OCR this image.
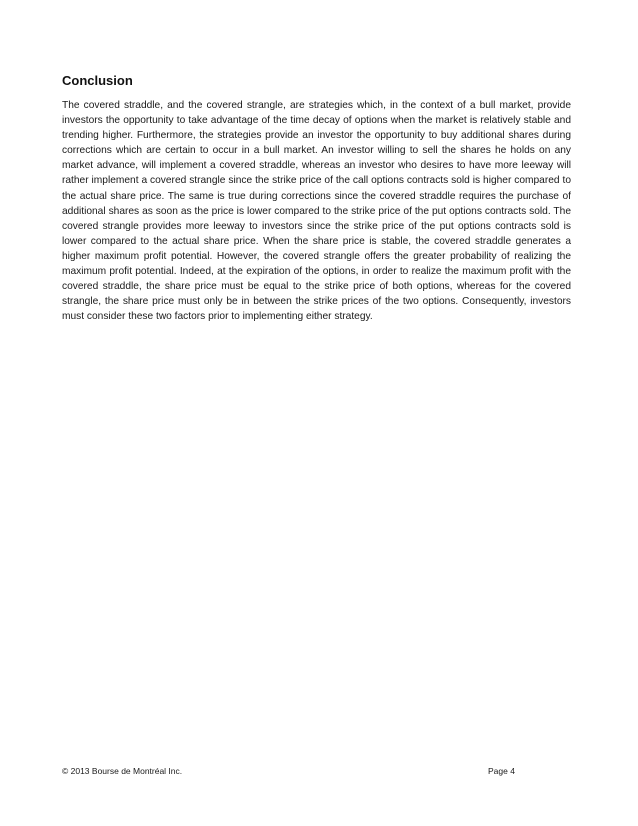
Conclusion

The covered straddle, and the covered strangle, are strategies which, in the context of a bull market, provide investors the opportunity to take advantage of the time decay of options when the market is relatively stable and trending higher. Furthermore, the strategies provide an investor the opportunity to buy additional shares during corrections which are certain to occur in a bull market. An investor willing to sell the shares he holds on any market advance, will implement a covered straddle, whereas an investor who desires to have more leeway will rather implement a covered strangle since the strike price of the call options contracts sold is higher compared to the actual share price. The same is true during corrections since the covered straddle requires the purchase of additional shares as soon as the price is lower compared to the strike price of the put options contracts sold. The covered strangle provides more leeway to investors since the strike price of the put options contracts sold is lower compared to the actual share price. When the share price is stable, the covered straddle generates a higher maximum profit potential. However, the covered strangle offers the greater probability of realizing the maximum profit potential. Indeed, at the expiration of the options, in order to realize the maximum profit with the covered straddle, the share price must be equal to the strike price of both options, whereas for the covered strangle, the share price must only be in between the strike prices of the two options. Consequently, investors must consider these two factors prior to implementing either strategy.

© 2013 Bourse de Montréal Inc.	Page 4
